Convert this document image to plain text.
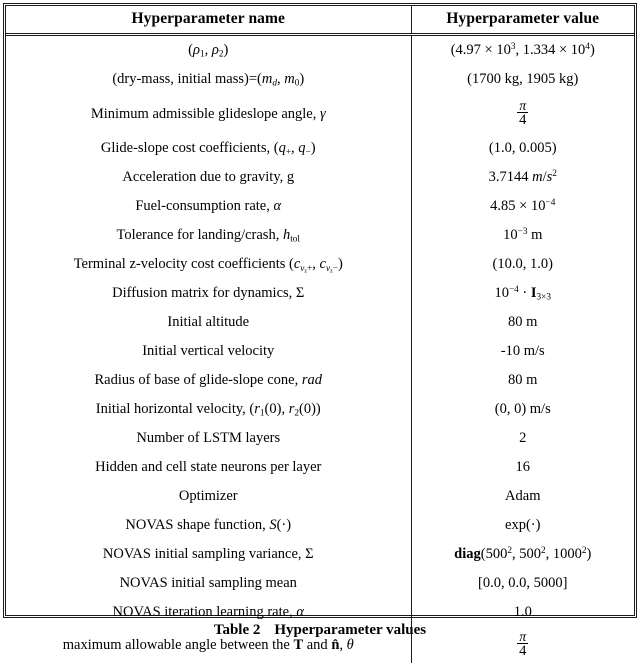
Hyperparameter name	Hyperparameter value
($\rho_1$, $\rho_2$)	($4.97 \times 10^3$, $1.334 \times 10^4$)
(dry-mass, initial $mass)=(m_d$, $m_0$)	(1700 kg, 1905 kg)
Minimum admissible glideslope angle, γ	$\frac{\pi}{4}$

Glide-slope cost coefficients, ($q_+$, $q_-$)	(1.0, 0.005)
Acceleration due to gravity, g	3.7144 $m/s^2$
Fuel-consumption rate, α	$4.85 \times 10^{-4}$
Tolerance for landing/crash, $h_{tol}$	$10^{-3}$ m
Terminal z-velocity cost coefficients ($c_{v_z+}$, $c_{v_z-}$)	(10.0, 1.0)
Diffusion matrix for dynamics, Σ	$10^{-4} \cdot I_{3\times 3}$
Initial altitude	80 m
Initial vertical velocity	-10 m/s
Radius of base of glide-slope cone, rad	80 m
Initial horizontal velocity, ($r_1(0)$, $r_2(0)$)	(0, 0) m/s
Number of LSTM layers	2
Hidden and cell state neurons per layer	16
Optimizer	Adam
NOVAS shape function, S(·)	exp(·)
NOVAS initial sampling variance, Σ	$diag(500^2$, $500^2$, 1000$^2$)
NOVAS initial sampling mean	[0.0, 0.0, 5000]
NOVAS iteration learning rate, α	1.0
maximum allowable angle between the T and n̂, θ	$\frac{\pi}{4}$
Table 2 Hyperparameter values
